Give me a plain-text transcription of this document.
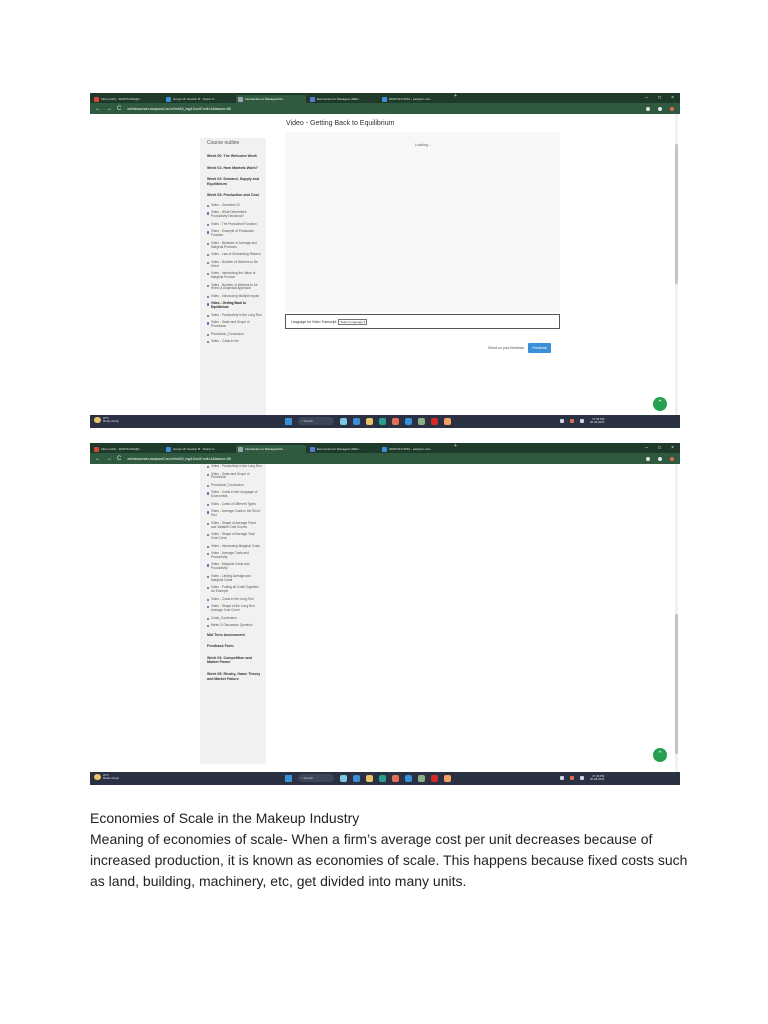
Inbox (113) - 2023?11210@c...	Group 10: Section B - Topics C...	Introduction to Managerial E...	Economics for Managers (MEC...	2023?11171061 - assignm.unit...	+	– □ ×
← → C onlinecourses.swayam2.ac.in/imb24_mg41/unit?unit=4&lesson=58
Course outline
Week 00: The Welcome Week
Week 01: How Markets Work?
Week 02: Demand, Supply and Equilibrium
Week 03: Production and Cost
Video - Overview 03
Video - What Determines Productivity Decisions?
Video - The Production Function
Video - Example of Production Function
Video - Behavior of Average and Marginal Products
Video - Law of Diminishing Returns
Video - Number of Workers to Be Hired
Video - Introducing the Value of Marginal Product
Video - Number of Workers to be Hired: A Graphical Approach
Video - Introducing Multiple Inputs
Video - Getting Back to Equilibrium
Video - Productivity in the Long Run
Video - Scale and Scope of Production
Production_Conclusion
Video - Costs in the
Video - Getting Back to Equilibrium
Loading...
Language for Video Transcript:	Select Language ▾
Select us your feedback	Feedback
⌃
29°C
Mostly cloudy	⌕ Search	07:36 PM
30-08-2024
Inbox (113) - 2023?11210@c...	Group 10: Section B - Topics C...	Introduction to Managerial E...	Economics for Managers (MEC...	2023?11171061 - assignm.unit...	+	– □ ×
← → C onlinecourses.swayam2.ac.in/imb24_mg41/unit?unit=4&lesson=58
Video - Productivity in the Long Run
Video - Scale and Scope of Production
Production_Conclusion
Video - Costs in the Language of Economists
Video - Costs of Different Types
Video - Average Costs in the Short Run
Video - Shape of Average Fixed and Variable Cost Curves
Video - Shape of Average Total Cost Curve
Video - Introducing Marginal Costs
Video - Average Costs and Productivity
Video - Marginal Costs and Productivity
Video - Linking Average and Marginal Costs
Video - Putting all Costs Together: An Example
Video - Costs in the Long Run
Video - Shape of the Long Run Average Cost Curve
Costs_Conclusion
Week 3: Discussion Question
Mid Term Assessment
Feedback Form
Week 04: Competition and Market Power
Week 05: Rivalry, Game Theory and Market Failure
⌃
29°C
Mostly cloudy	⌕ Search	07:36 PM
30-08-2024

Economies of Scale in the Makeup Industry

Meaning of economies of scale- When a firm’s average cost per unit decreases because of increased production, it is known as economies of scale. This happens because fixed costs such as land, building, machinery, etc, get divided into many units.
